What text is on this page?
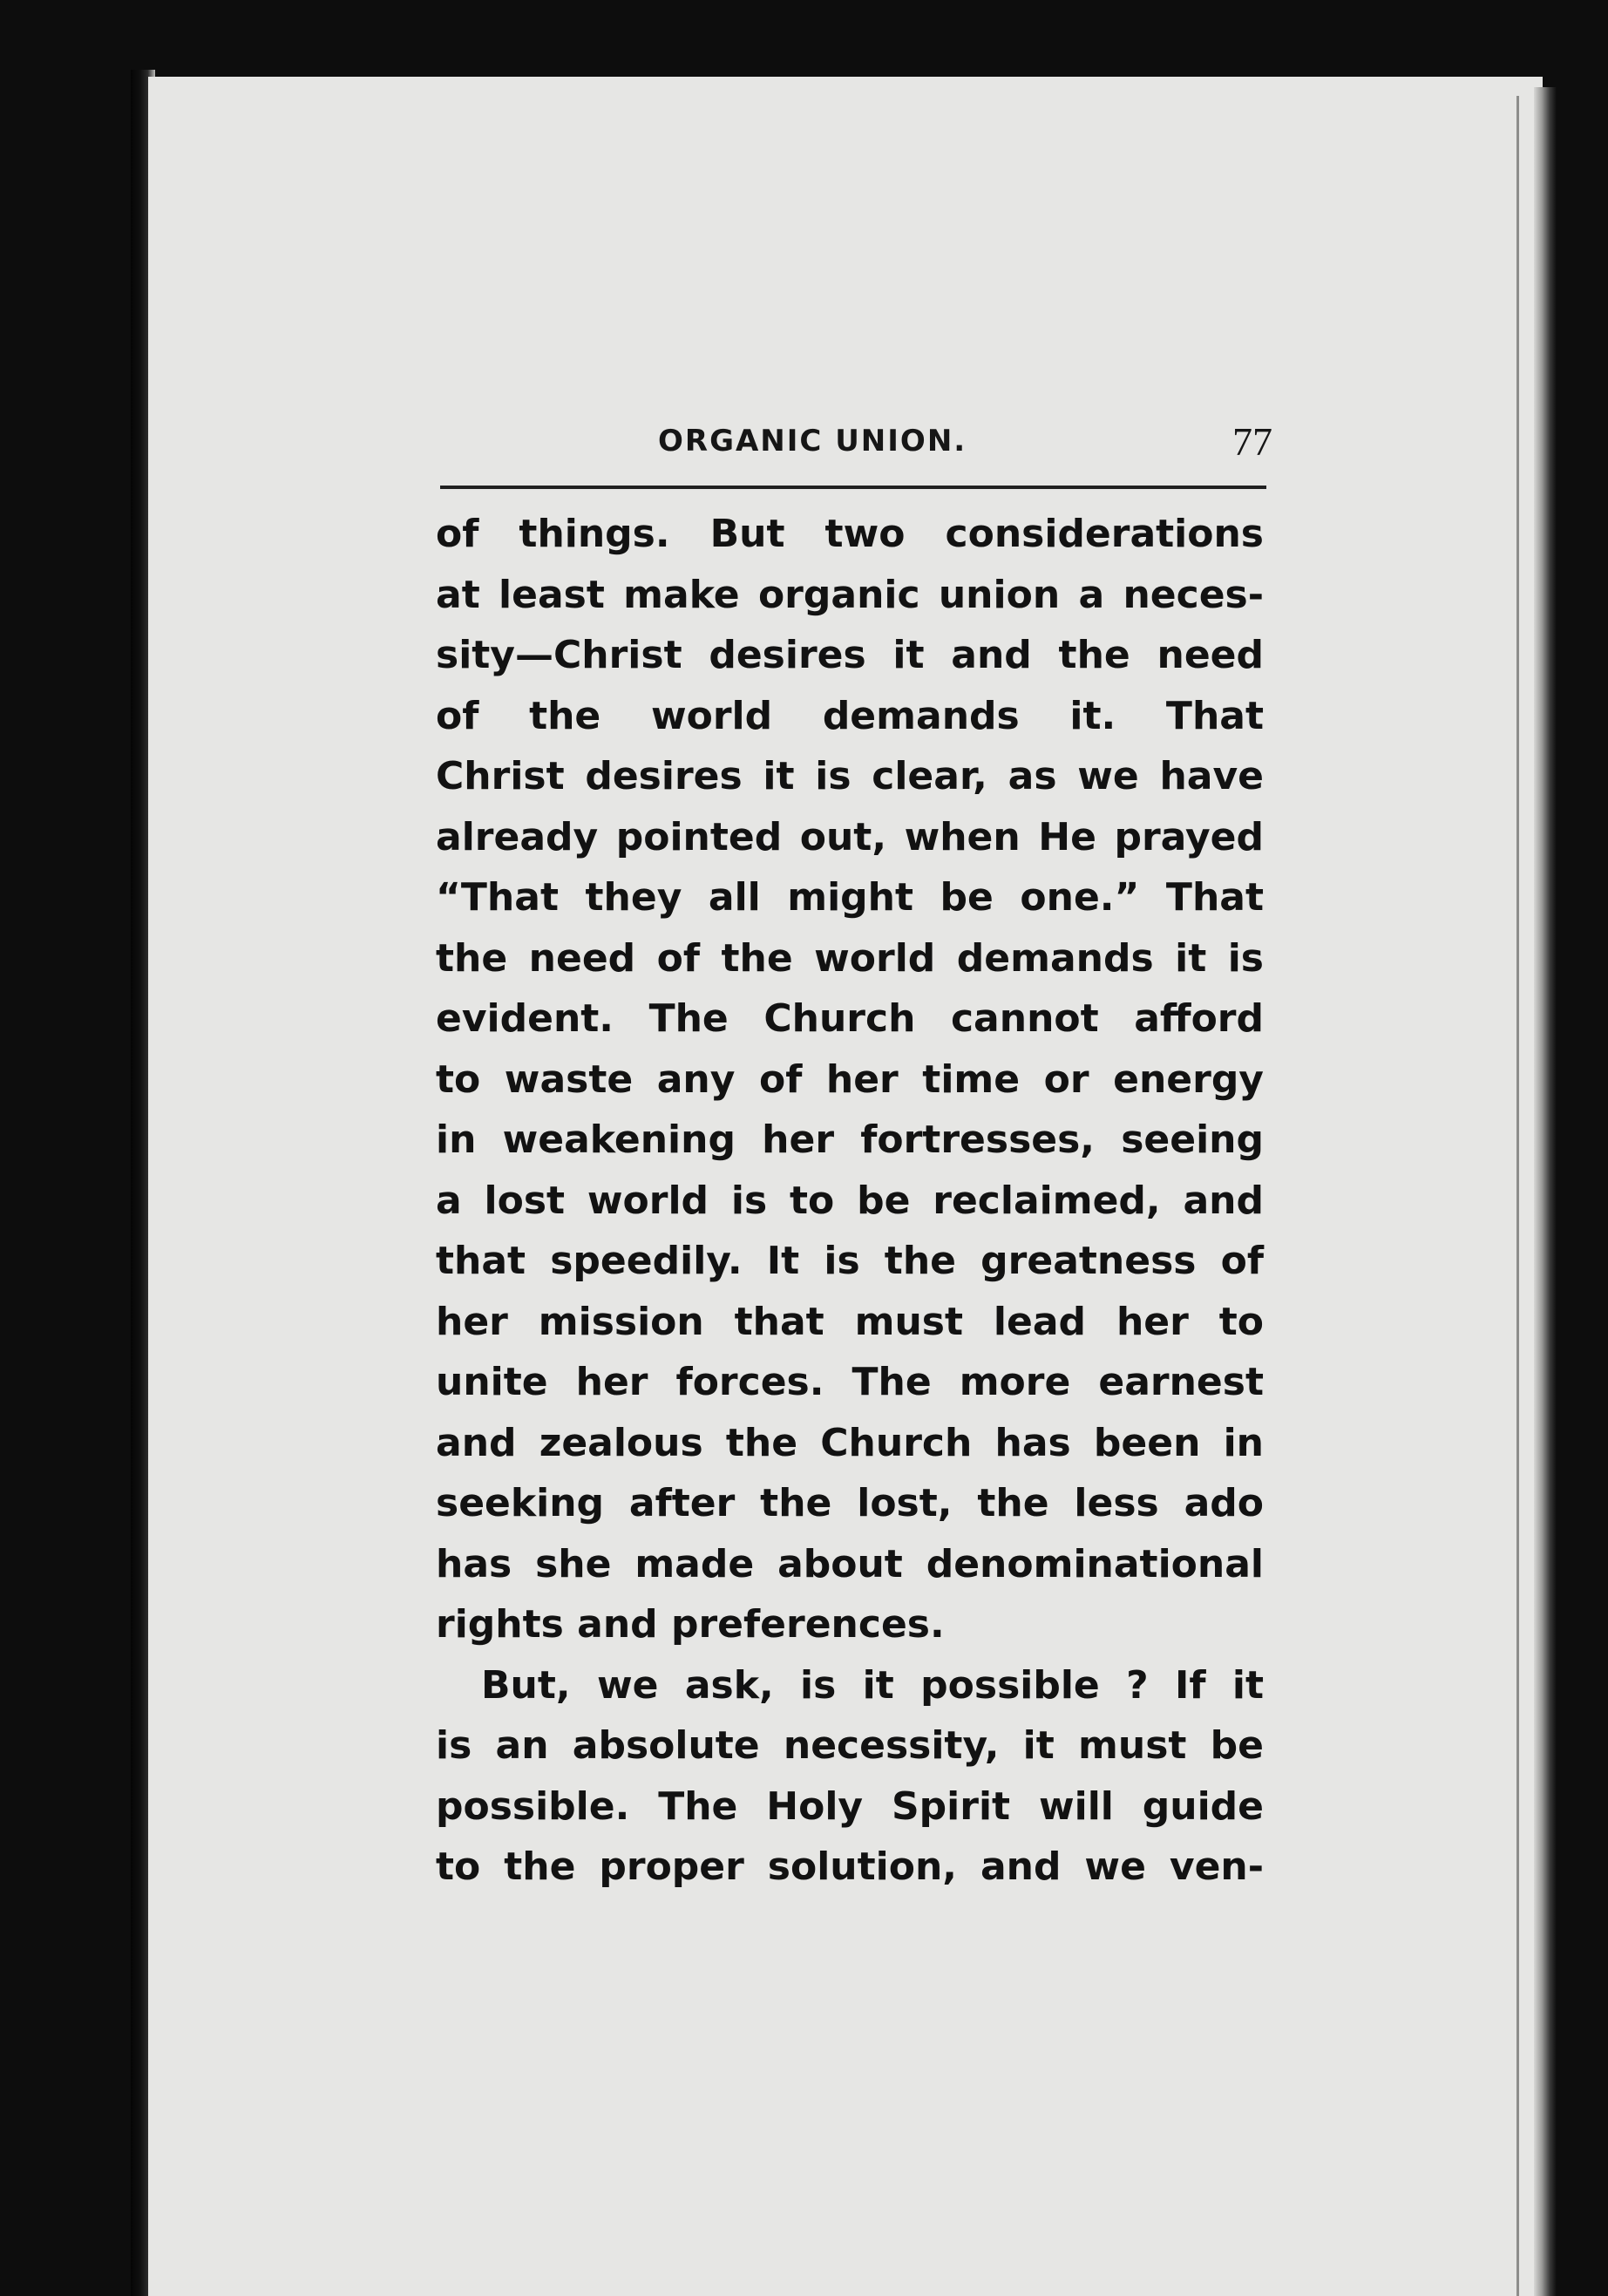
ORGANIC UNION.	77
of things. But two considerations
at least make organic union a neces-
sity—Christ desires it and the need
of the world demands it. That
Christ desires it is clear, as we have
already pointed out, when He prayed
“That they all might be one.” That
the need of the world demands it is
evident. The Church cannot afford
to waste any of her time or energy
in weakening her fortresses, seeing
a lost world is to be reclaimed, and
that speedily. It is the greatness of
her mission that must lead her to
unite her forces. The more earnest
and zealous the Church has been in
seeking after the lost, the less ado
has she made about denominational
rights and preferences.
But, we ask, is it possible ? If it
is an absolute necessity, it must be
possible. The Holy Spirit will guide
to the proper solution, and we ven-
